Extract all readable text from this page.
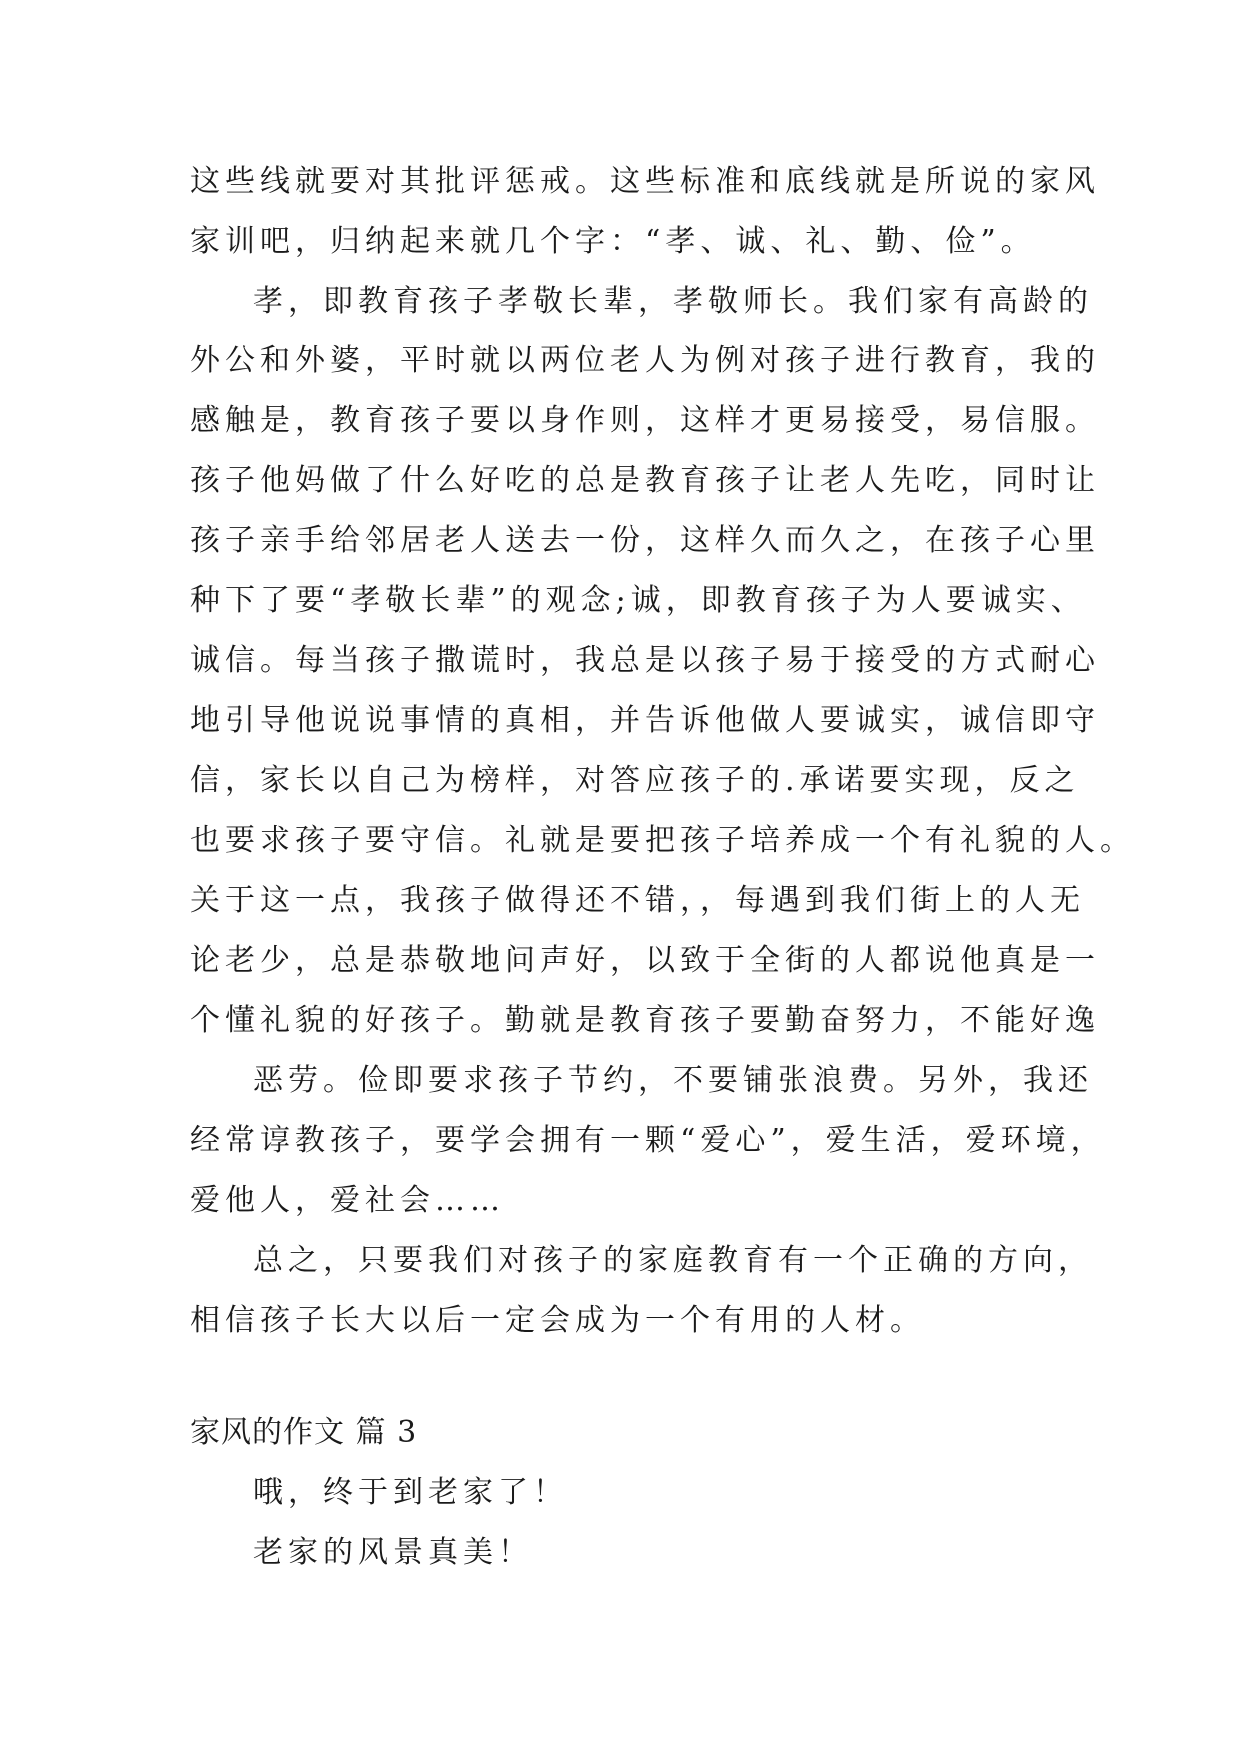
这些线就要对其批评惩戒。这些标准和底线就是所说的家风
家训吧，归纳起来就几个字：“孝、诚、礼、勤、俭”。
孝，即教育孩子孝敬长辈，孝敬师长。我们家有高龄的
外公和外婆，平时就以两位老人为例对孩子进行教育，我的
感触是，教育孩子要以身作则，这样才更易接受，易信服。
孩子他妈做了什么好吃的总是教育孩子让老人先吃，同时让
孩子亲手给邻居老人送去一份，这样久而久之，在孩子心里
种下了要“孝敬长辈”的观念;诚，即教育孩子为人要诚实、
诚信。每当孩子撒谎时，我总是以孩子易于接受的方式耐心
地引导他说说事情的真相，并告诉他做人要诚实，诚信即守
信，家长以自己为榜样，对答应孩子的.承诺要实现，反之
也要求孩子要守信。礼就是要把孩子培养成一个有礼貌的人。
关于这一点，我孩子做得还不错，，每遇到我们街上的人无
论老少，总是恭敬地问声好，以致于全街的人都说他真是一
个懂礼貌的好孩子。勤就是教育孩子要勤奋努力，不能好逸
恶劳。俭即要求孩子节约，不要铺张浪费。另外，我还
经常谆教孩子，要学会拥有一颗“爱心”，爱生活，爱环境，
爱他人，爱社会……
总之，只要我们对孩子的家庭教育有一个正确的方向，
相信孩子长大以后一定会成为一个有用的人材。
家风的作文 篇 3
哦，终于到老家了！
老家的风景真美！
